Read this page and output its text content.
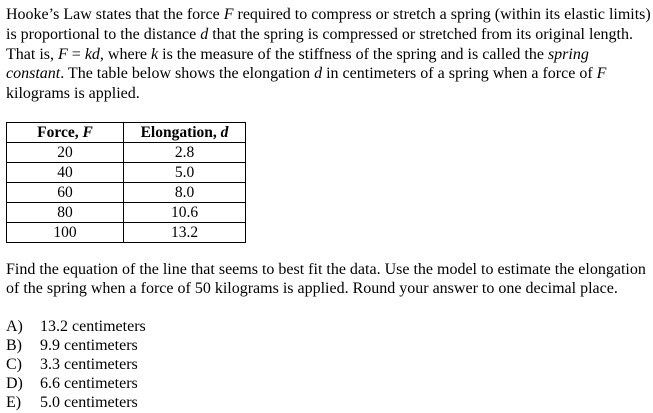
Hooke’s Law states that the force F required to compress or stretch a spring (within its elastic limits) is proportional to the distance d that the spring is compressed or stretched from its original length. That is, F = kd, where k is the measure of the stiffness of the spring and is called the spring constant. The table below shows the elongation d in centimeters of a spring when a force of F kilograms is applied.

Force, F	Elongation, d
20	2.8
40	5.0
60	8.0
80	10.6
100	13.2

Find the equation of the line that seems to best fit the data. Use the model to estimate the elongation of the spring when a force of 50 kilograms is applied. Round your answer to one decimal place.

A) 13.2 centimeters
B) 9.9 centimeters
C) 3.3 centimeters
D) 6.6 centimeters
E) 5.0 centimeters
